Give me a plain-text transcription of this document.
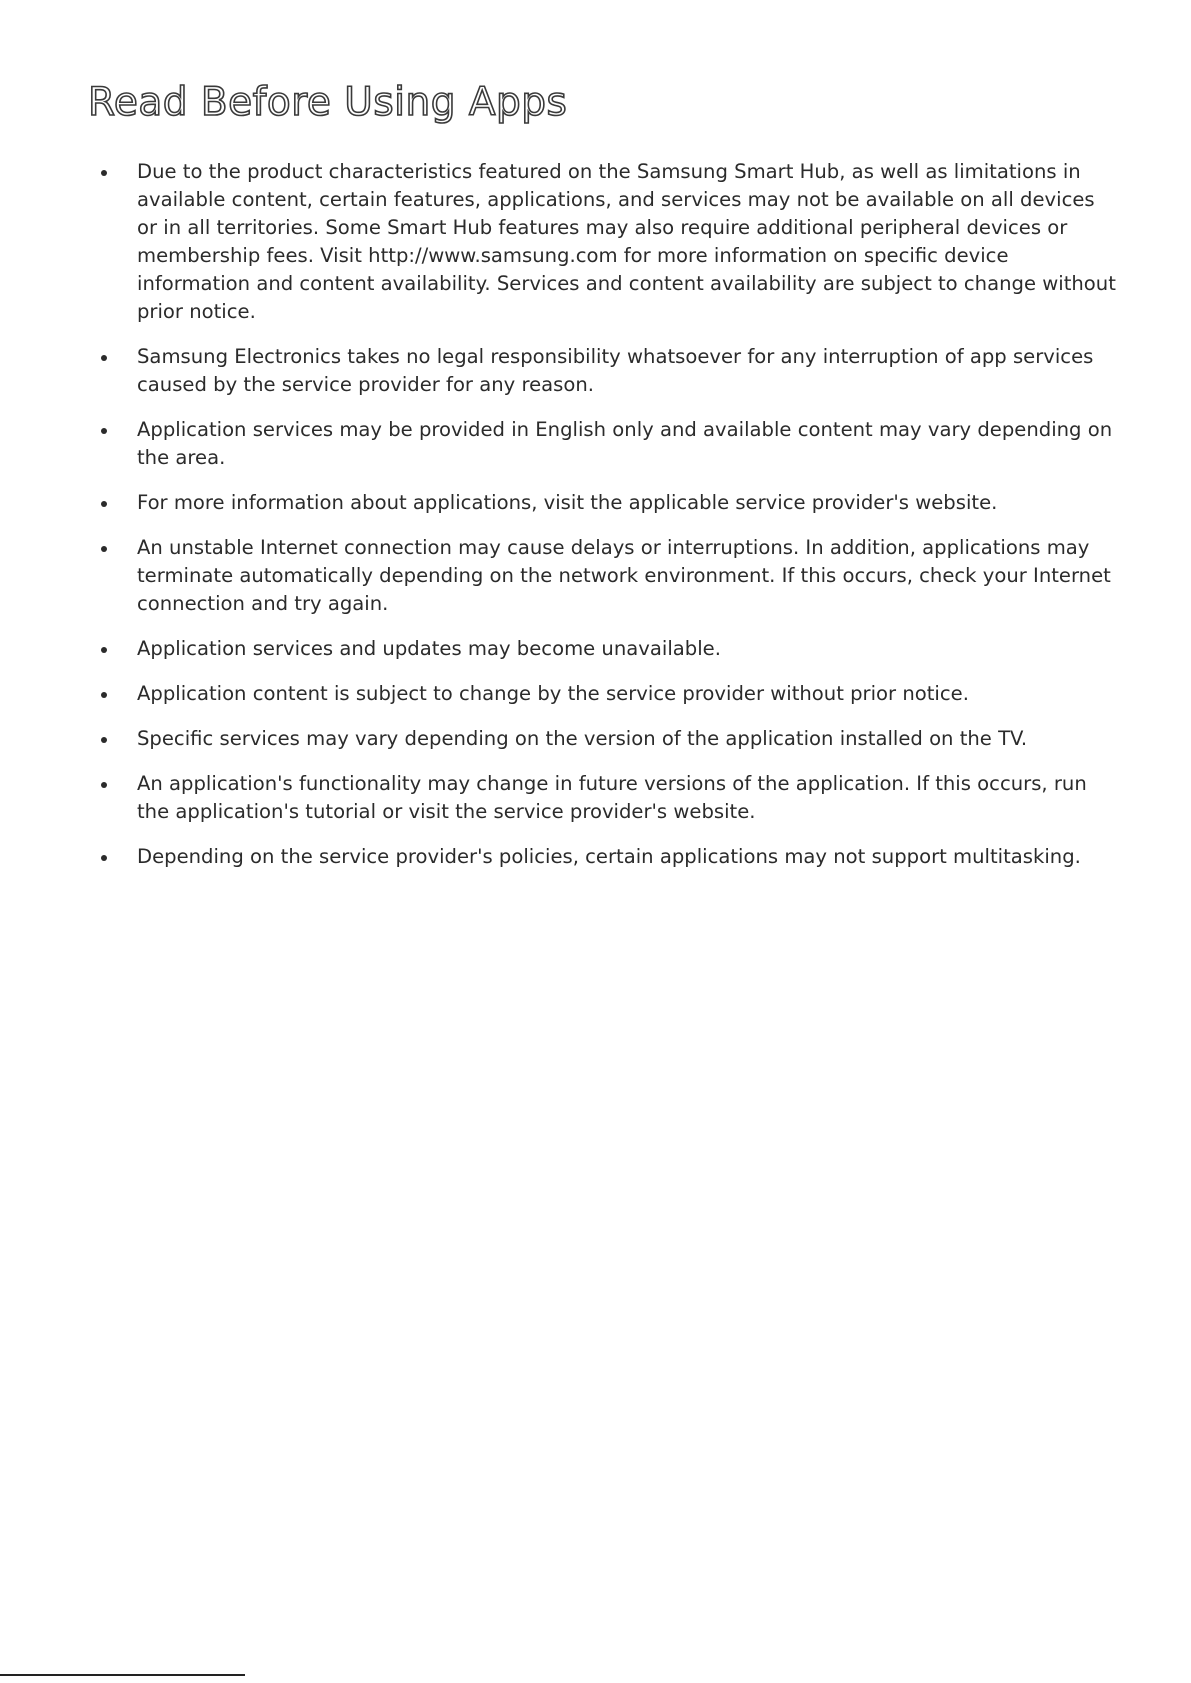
Read Before Using Apps
Due to the product characteristics featured on the Samsung Smart Hub, as well as limitations in available content, certain features, applications, and services may not be available on all devices or in all territories. Some Smart Hub features may also require additional peripheral devices or membership fees. Visit http://www.samsung.com for more information on specific device information and content availability. Services and content availability are subject to change without prior notice.
Samsung Electronics takes no legal responsibility whatsoever for any interruption of app services caused by the service provider for any reason.
Application services may be provided in English only and available content may vary depending on the area.
For more information about applications, visit the applicable service provider's website.
An unstable Internet connection may cause delays or interruptions. In addition, applications may terminate automatically depending on the network environment. If this occurs, check your Internet connection and try again.
Application services and updates may become unavailable.
Application content is subject to change by the service provider without prior notice.
Specific services may vary depending on the version of the application installed on the TV.
An application's functionality may change in future versions of the application. If this occurs, run the application's tutorial or visit the service provider's website.
Depending on the service provider's policies, certain applications may not support multitasking.
